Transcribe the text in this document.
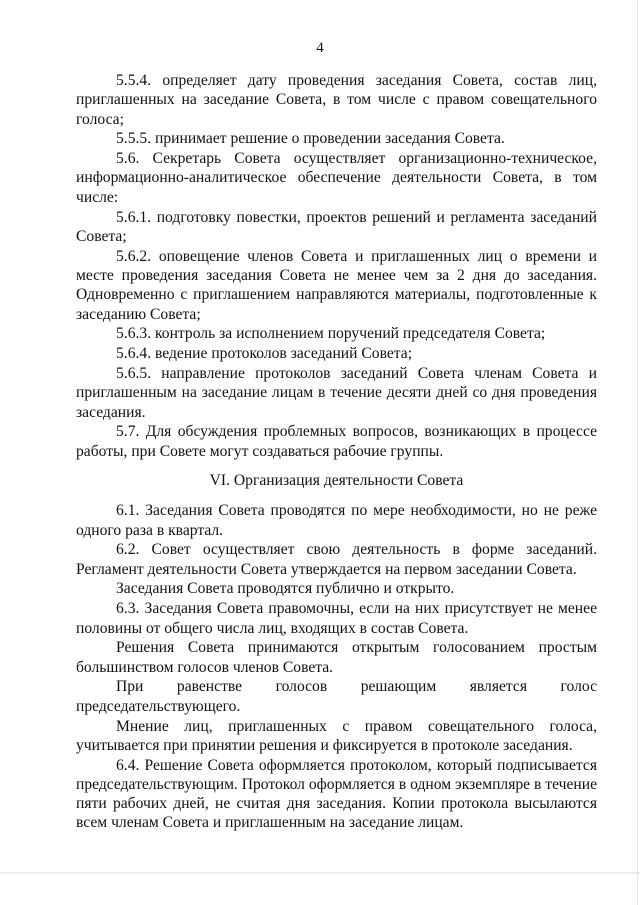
4

5.5.4. определяет дату проведения заседания Совета, состав лиц, приглашенных на заседание Совета, в том числе с правом совещательного голоса;

5.5.5. принимает решение о проведении заседания Совета.

5.6. Секретарь Совета осуществляет организационно-техническое, информационно-аналитическое обеспечение деятельности Совета, в том числе:

5.6.1. подготовку повестки, проектов решений и регламента заседаний Совета;

5.6.2. оповещение членов Совета и приглашенных лиц о времени и месте проведения заседания Совета не менее чем за 2 дня до заседания. Одновременно с приглашением направляются материалы, подготовленные к заседанию Совета;

5.6.3. контроль за исполнением поручений председателя Совета;

5.6.4. ведение протоколов заседаний Совета;

5.6.5. направление протоколов заседаний Совета членам Совета и приглашенным на заседание лицам в течение десяти дней со дня проведения заседания.

5.7. Для обсуждения проблемных вопросов, возникающих в процессе работы, при Совете могут создаваться рабочие группы.

VI. Организация деятельности Совета

6.1. Заседания Совета проводятся по мере необходимости, но не реже одного раза в квартал.

6.2. Совет осуществляет свою деятельность в форме заседаний. Регламент деятельности Совета утверждается на первом заседании Совета.

Заседания Совета проводятся публично и открыто.

6.3. Заседания Совета правомочны, если на них присутствует не менее половины от общего числа лиц, входящих в состав Совета.

Решения Совета принимаются открытым голосованием простым большинством голосов членов Совета.

При равенстве голосов решающим является голос председательствующего.

Мнение лиц, приглашенных с правом совещательного голоса, учитывается при принятии решения и фиксируется в протоколе заседания.

6.4. Решение Совета оформляется протоколом, который подписывается председательствующим. Протокол оформляется в одном экземпляре в течение пяти рабочих дней, не считая дня заседания. Копии протокола высылаются всем членам Совета и приглашенным на заседание лицам.
